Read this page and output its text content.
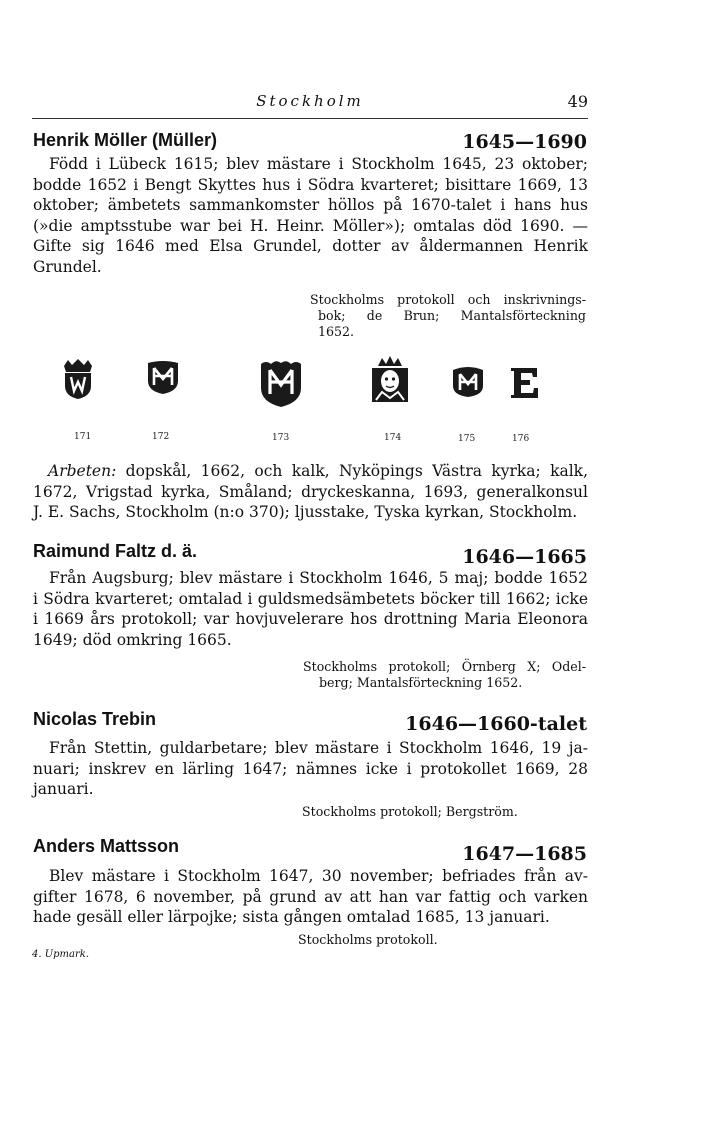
Stockholm	49
Henrik Möller (Müller)	1645—1690
Född i Lübeck 1615; blev mästare i Stockholm 1645, 23 oktober;
bodde 1652 i Bengt Skyttes hus i Södra kvarteret; bisittare 1669, 13
oktober; ämbetets sammankomster höllos på 1670-talet i hans hus
(»die amptsstube war bei H. Heinr. Möller»); omtalas död 1690. —
Gifte sig 1646 med Elsa Grundel, dotter av åldermannen Henrik
Grundel.
Stockholms protokoll och inskrivnings-
bok; de Brun; Mantalsförteckning
1652.
171	172	173	174	175	176
Arbeten: dopskål, 1662, och kalk, Nyköpings Västra kyrka; kalk,
1672, Vrigstad kyrka, Småland; dryckeskanna, 1693, generalkonsul
J. E. Sachs, Stockholm (n:o 370); ljusstake, Tyska kyrkan, Stockholm.
Raimund Faltz d. ä.	1646—1665
Från Augsburg; blev mästare i Stockholm 1646, 5 maj; bodde 1652
i Södra kvarteret; omtalad i guldsmedsämbetets böcker till 1662; icke
i 1669 års protokoll; var hovjuvelerare hos drottning Maria Eleonora
1649; död omkring 1665.
Stockholms protokoll; Örnberg X; Odel-
berg; Mantalsförteckning 1652.
Nicolas Trebin	1646—1660-talet
Från Stettin, guldarbetare; blev mästare i Stockholm 1646, 19 ja-
nuari; inskrev en lärling 1647; nämnes icke i protokollet 1669, 28
januari.
Stockholms protokoll; Bergström.
Anders Mattsson	1647—1685
Blev mästare i Stockholm 1647, 30 november; befriades från av-
gifter 1678, 6 november, på grund av att han var fattig och varken
hade gesäll eller lärpojke; sista gången omtalad 1685, 13 januari.
Stockholms protokoll.
4. Upmark.
